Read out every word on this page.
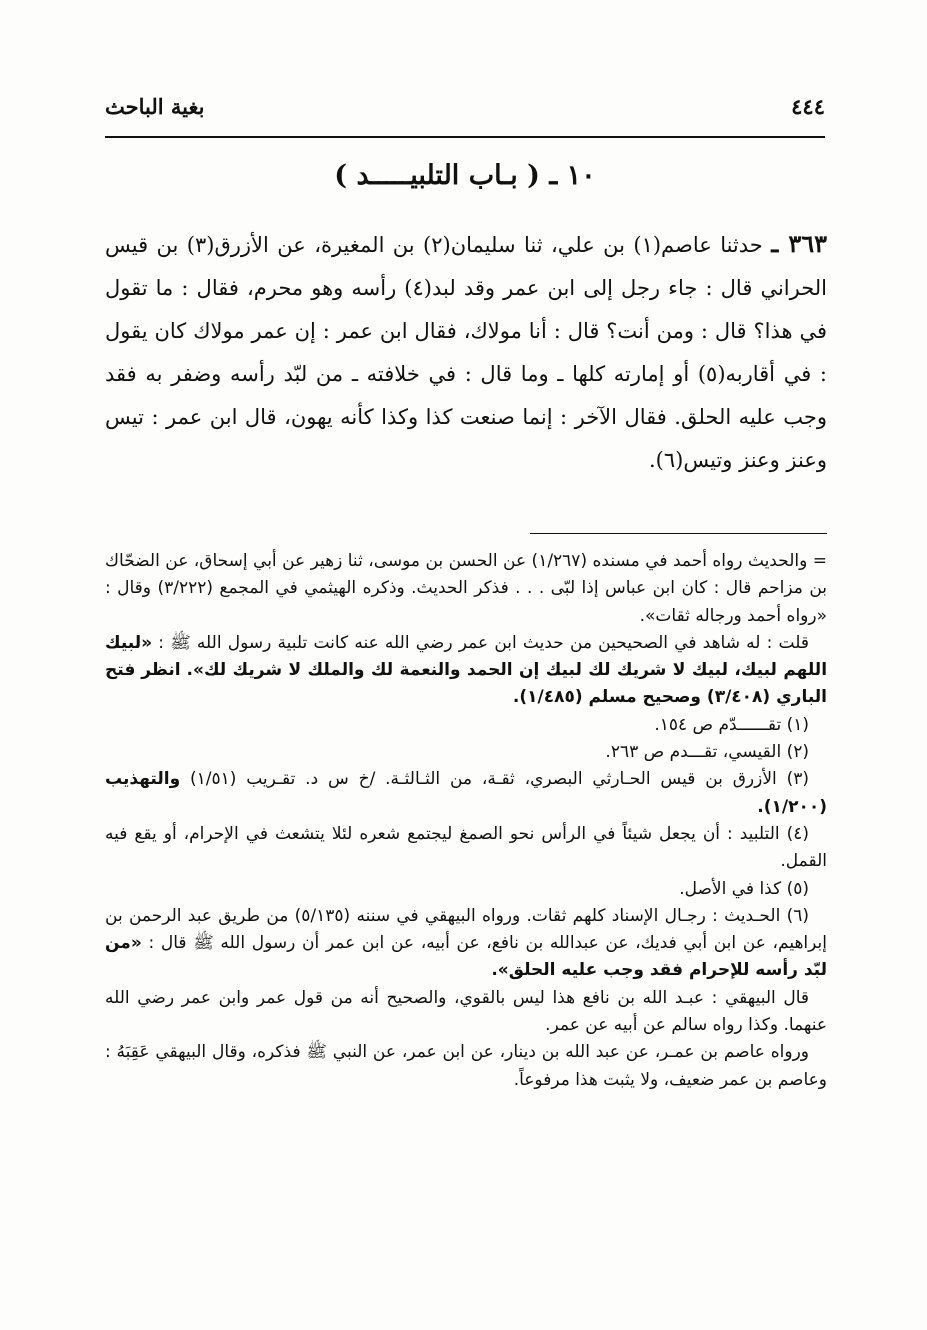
٤٤٤
بغية الباحث
١٠ ـ ( بـاب التلبيـــــد )
٣٦٣ ـ حدثنا عاصم(١) بن علي، ثنا سليمان(٢) بن المغيرة، عن الأزرق(٣) بن قيس الحراني قال : جاء رجل إلى ابن عمر وقد لبد(٤) رأسه وهو محرم، فقال : ما تقول في هذا؟ قال : ومن أنت؟ قال : أنا مولاك، فقال ابن عمر : إن عمر مولاك كان يقول : في أقاربه(٥) أو إمارته كلها ـ وما قال : في خلافته ـ من لبّد رأسه وضفر به فقد وجب عليه الحلق. فقال الآخر : إنما صنعت كذا وكذا كأنه يهون، قال ابن عمر : تيس وعنز وعنز وتيس(٦).

= والحديث رواه أحمد في مسنده (١/٢٦٧) عن الحسن بن موسى، ثنا زهير عن أبي إسحاق، عن الضحّاك بن مزاحم قال : كان ابن عباس إذا لبّى . . . فذكر الحديث. وذكره الهيثمي في المجمع (٣/٢٢٢) وقال : «رواه أحمد ورجاله ثقات».

قلت : له شاهد في الصحيحين من حديث ابن عمر رضي الله عنه كانت تلبية رسول الله ﷺ : «لبيك اللهم لبيك، لبيك لا شريك لك لبيك إن الحمد والنعمة لك والملك لا شريك لك». انظر فتح الباري (٣/٤٠٨) وصحيح مسلم (١/٤٨٥).

(١) تقــــــدّم ص ١٥٤.

(٢) القيسي، تقـــدم ص ٢٦٣.

(٣) الأزرق بن قيس الحـارثي البصري، ثقـة، من الثـالثـة. /خ س د. تقـريب (١/٥١) والتهذيب (١/٢٠٠).

(٤) التلبيد : أن يجعل شيئاً في الرأس نحو الصمغ ليجتمع شعره لئلا يتشعث في الإحرام، أو يقع فيه القمل.

(٥) كذا في الأصل.

(٦) الحـديث : رجـال الإسناد كلهم ثقات. ورواه البيهقي في سننه (٥/١٣٥) من طريق عبد الرحمن بن إبراهيم، عن ابن أبي فديك، عن عبدالله بن نافع، عن أبيه، عن ابن عمر أن رسول الله ﷺ قال : «من لبّد رأسه للإحرام فقد وجب عليه الحلق».

قال البيهقي : عبـد الله بن نافع هذا ليس بالقوي، والصحيح أنه من قول عمر وابن عمر رضي الله عنهما. وكذا رواه سالم عن أبيه عن عمر.

ورواه عاصم بن عمـر، عن عبد الله بن دينار، عن ابن عمر، عن النبي ﷺ فذكره، وقال البيهقي عَقِبَهُ : وعاصم بن عمر ضعيف، ولا يثبت هذا مرفوعاً.
